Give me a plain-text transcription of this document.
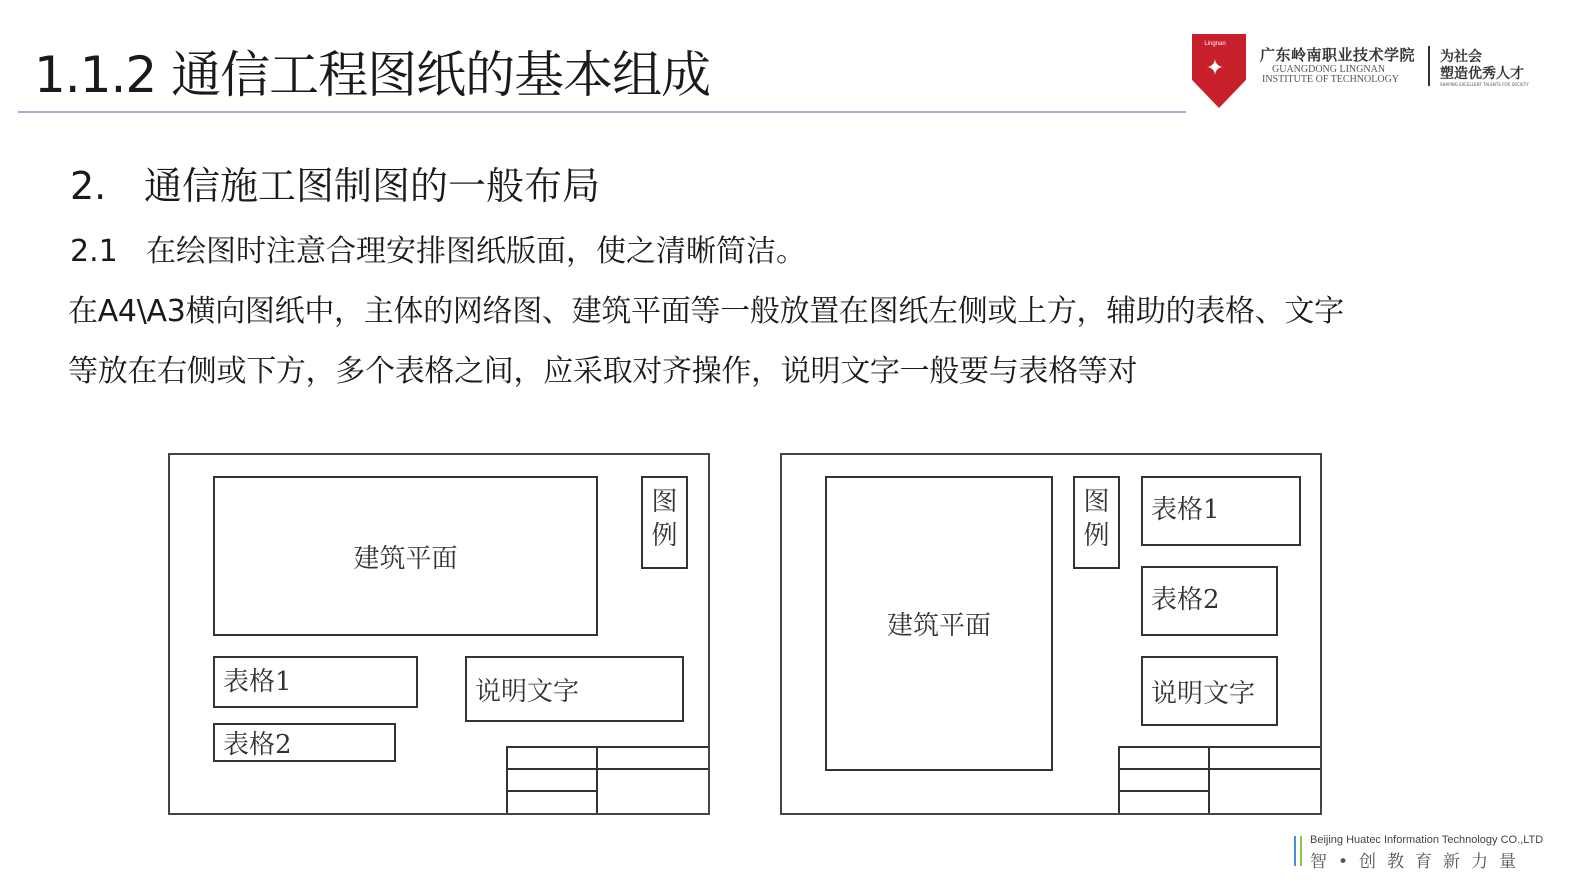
1.1.2 通信工程图纸的基本组成
Lingnan
✦
广东岭南职业技术学院
GUANGDONG LINGNAN
INSTITUTE OF TECHNOLOGY
为社会
塑造优秀人才
SHAPING EXCELLENT TALENTS FOR SOCIETY
2. 通信施工图制图的一般布局
2.1 在绘图时注意合理安排图纸版面，使之清晰简洁。
在A4\A3横向图纸中，主体的网络图、建筑平面等一般放置在图纸左侧或上方，辅助的表格、文字
等放在右侧或下方，多个表格之间，应采取对齐操作，说明文字一般要与表格等对
建筑平面
图
例
表格1
表格2
说明文字
建筑平面
图
例
表格1
表格2
说明文字
Beijing Huatec Information Technology CO.,LTD
智•创教育新力量
